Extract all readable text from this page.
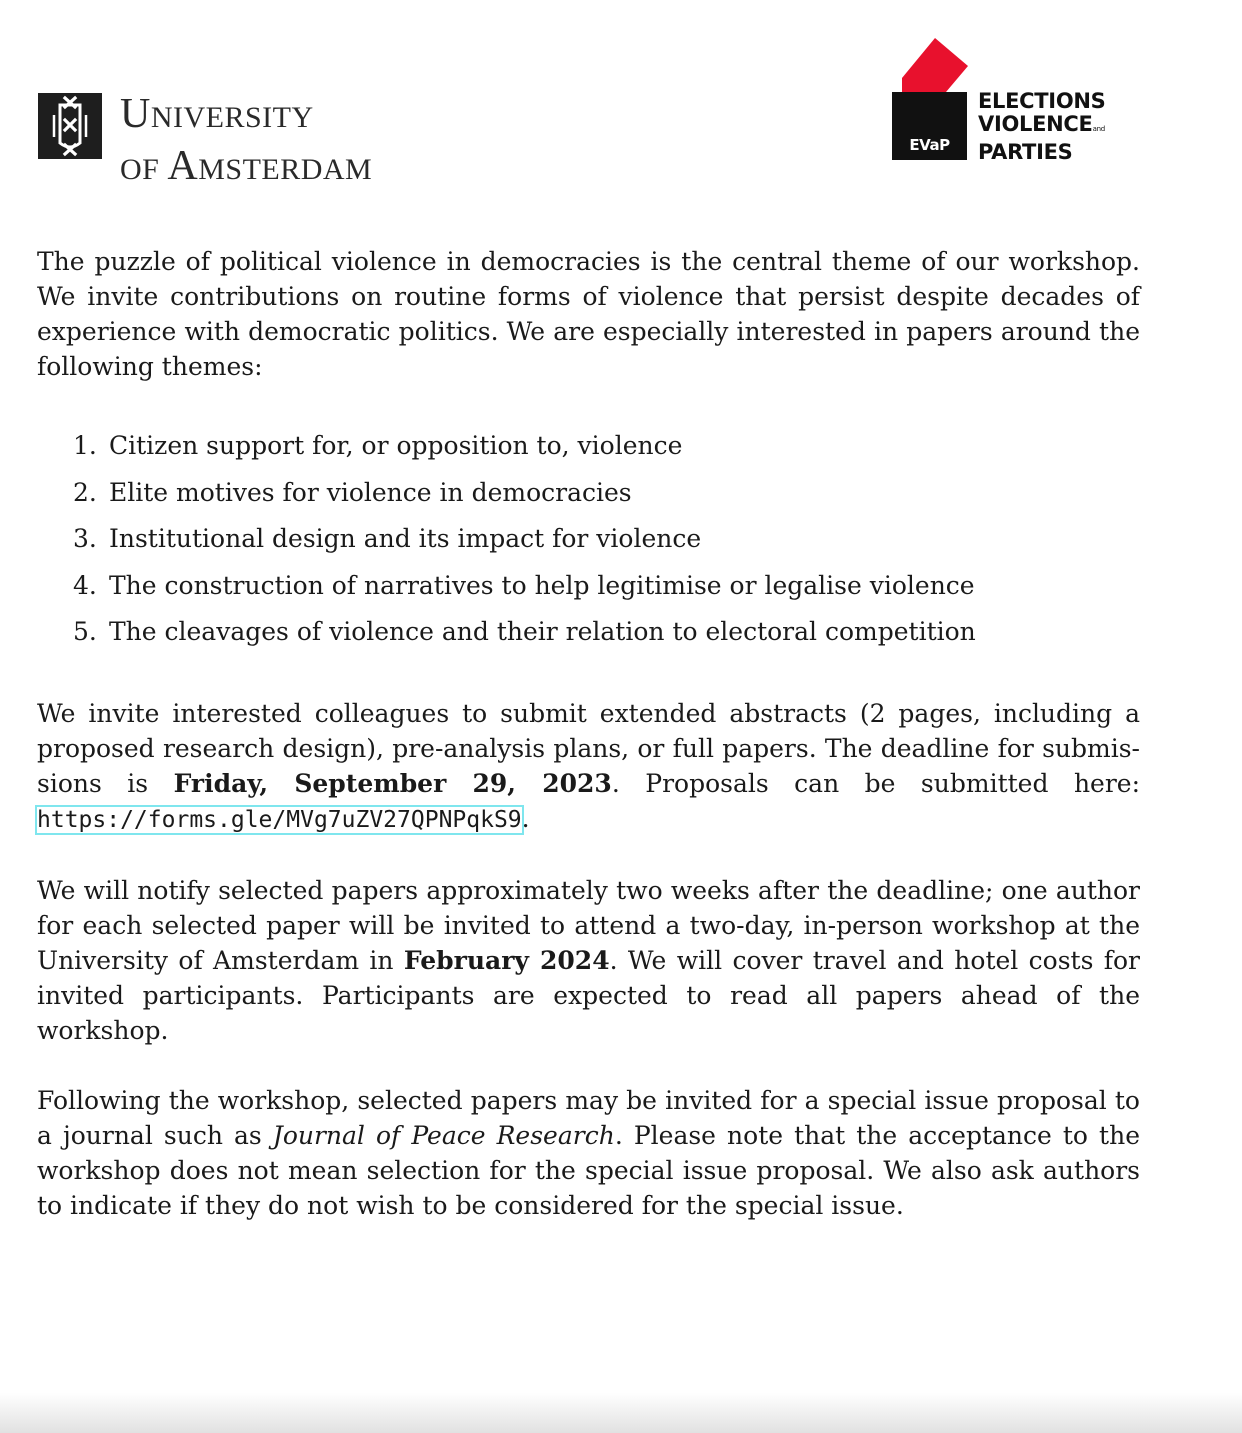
UNIVERSITY
OF AMSTERDAM
EVaP
ELECTIONS
VIOLENCEand
PARTIES

The puzzle of political violence in democracies is the central theme of our workshop. We invite contributions on routine forms of violence that persist despite decades of experience with democratic politics. We are especially interested in papers around the following themes:

1. Citizen support for, or opposition to, violence
2. Elite motives for violence in democracies
3. Institutional design and its impact for violence
4. The construction of narratives to help legitimise or legalise violence
5. The cleavages of violence and their relation to electoral competition

We invite interested colleagues to submit extended abstracts (2 pages, including a proposed research design), pre-analysis plans, or full papers. The deadline for submissions is Friday, September 29, 2023. Proposals can be submitted here: https://forms.gle/MVg7uZV27QPNPqkS9.

We will notify selected papers approximately two weeks after the deadline; one author for each selected paper will be invited to attend a two-day, in-person workshop at the University of Amsterdam in February 2024. We will cover travel and hotel costs for invited participants. Participants are expected to read all papers ahead of the workshop.

Following the workshop, selected papers may be invited for a special issue proposal to a journal such as Journal of Peace Research. Please note that the acceptance to the workshop does not mean selection for the special issue proposal. We also ask authors to indicate if they do not wish to be considered for the special issue.
